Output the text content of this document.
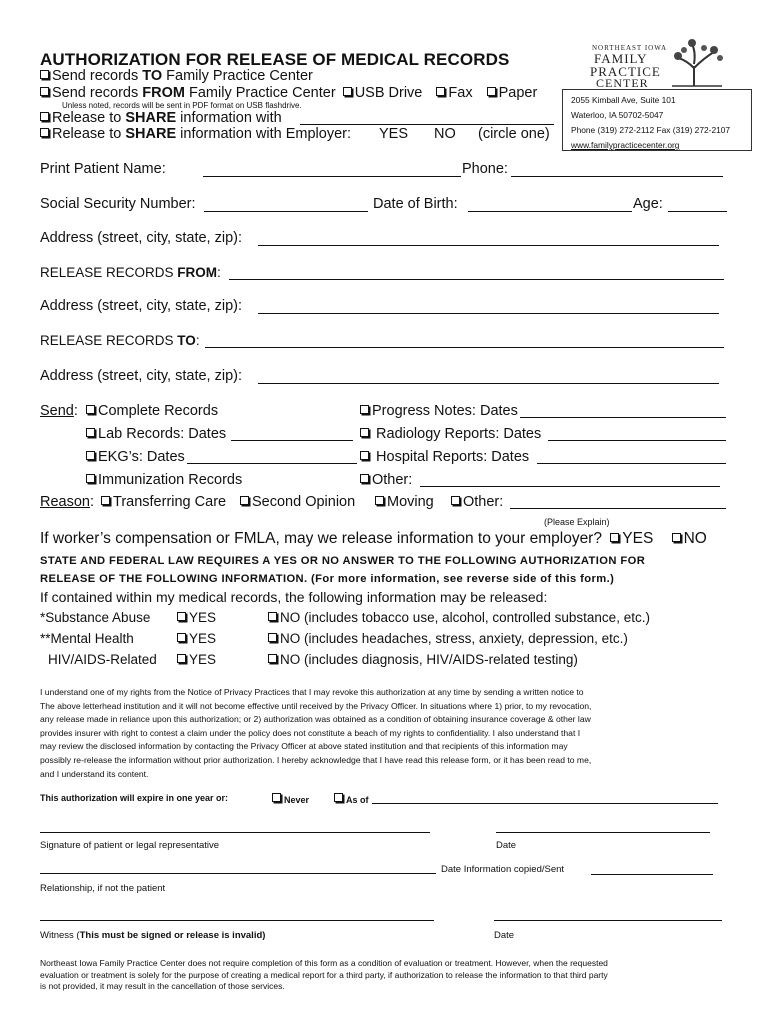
AUTHORIZATION FOR RELEASE OF MEDICAL RECORDS
NORTHEAST IOWA
FAMILY
PRACTICE
CENTER
2055 Kimball Ave, Suite 101
Waterloo, IA 50702-5047
Phone (319) 272-2112 Fax (319) 272-2107
www.familypracticecenter.org
Send records TO Family Practice Center
Send records FROM Family Practice Center USB Drive Fax Paper
Unless noted, records will be sent in PDF format on USB flashdrive.
Release to SHARE information with
Release to SHARE information with Employer: YES NO (circle one)
Print Patient Name:	Phone:
Social Security Number:	Date of Birth:	Age:
Address (street, city, state, zip):
RELEASE RECORDS FROM:
Address (street, city, state, zip):
RELEASE RECORDS TO:
Address (street, city, state, zip):
Send:	Complete Records	Progress Notes: Dates
Lab Records: Dates	Radiology Reports: Dates
EKG’s: Dates	Hospital Reports: Dates
Immunization Records	Other:
Reason:	Transferring Care	Second Opinion	Moving	Other:
(Please Explain)
If worker’s compensation or FMLA, may we release information to your employer? YES NO
STATE AND FEDERAL LAW REQUIRES A YES OR NO ANSWER TO THE FOLLOWING AUTHORIZATION FOR
RELEASE OF THE FOLLOWING INFORMATION. (For more information, see reverse side of this form.)
If contained within my medical records, the following information may be released:
*Substance Abuse	YES	NO (includes tobacco use, alcohol, controlled substance, etc.)
**Mental Health	YES	NO (includes headaches, stress, anxiety, depression, etc.)
HIV/AIDS-Related	YES	NO (includes diagnosis, HIV/AIDS-related testing)
I understand one of my rights from the Notice of Privacy Practices that I may revoke this authorization at any time by sending a written notice to
The above letterhead institution and it will not become effective until received by the Privacy Officer. In situations where 1) prior, to my revocation,
any release made in reliance upon this authorization; or 2) authorization was obtained as a condition of obtaining insurance coverage & other law
provides insurer with right to contest a claim under the policy does not constitute a beach of my rights to confidentiality. I also understand that I
may review the disclosed information by contacting the Privacy Officer at above stated institution and that recipients of this information may
possibly re-release the information without prior authorization. I hereby acknowledge that I have read this release form, or it has been read to me,
and I understand its content.
This authorization will expire in one year or:	Never	As of
Signature of patient or legal representative	Date
Date Information copied/Sent
Relationship, if not the patient
Witness (This must be signed or release is invalid)	Date
Northeast Iowa Family Practice Center does not require completion of this form as a condition of evaluation or treatment. However, when the requested
evaluation or treatment is solely for the purpose of creating a medical report for a third party, if authorization to release the information to that third party
is not provided, it may result in the cancellation of those services.
